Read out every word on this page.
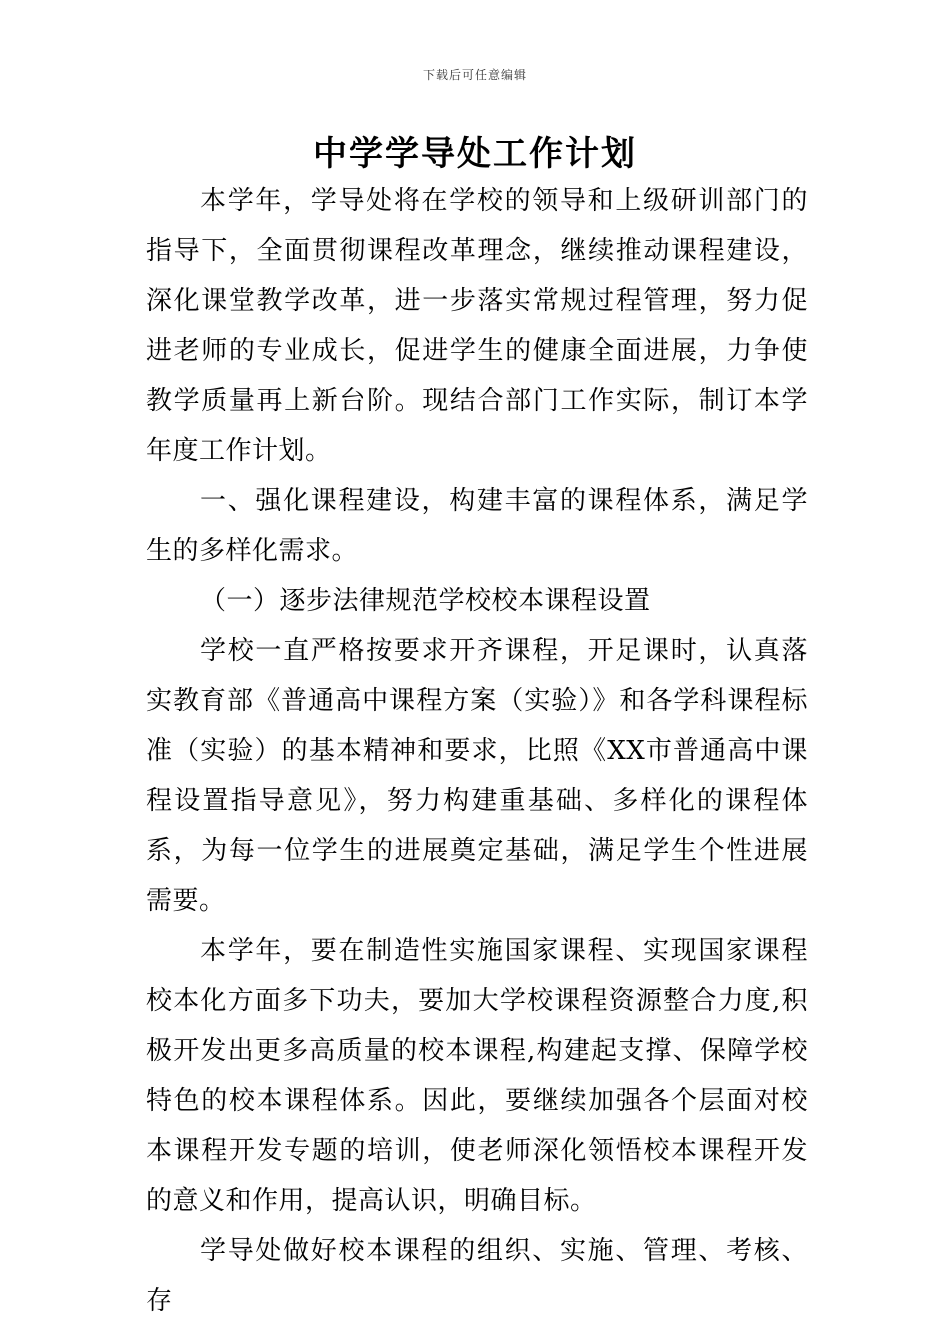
下载后可任意编辑
中学学导处工作计划

本学年，学导处将在学校的领导和上级研训部门的指导下，全面贯彻课程改革理念，继续推动课程建设，深化课堂教学改革，进一步落实常规过程管理，努力促进老师的专业成长，促进学生的健康全面进展，力争使教学质量再上新台阶。现结合部门工作实际，制订本学年度工作计划。

一、强化课程建设，构建丰富的课程体系，满足学生的多样化需求。

（一）逐步法律规范学校校本课程设置

学校一直严格按要求开齐课程，开足课时，认真落实教育部《普通高中课程方案（实验）》和各学科课程标准（实验）的基本精神和要求，比照《XX市普通高中课程设置指导意见》，努力构建重基础、多样化的课程体系，为每一位学生的进展奠定基础，满足学生个性进展需要。

本学年，要在制造性实施国家课程、实现国家课程校本化方面多下功夫，要加大学校课程资源整合力度,积极开发出更多高质量的校本课程,构建起支撑、保障学校特色的校本课程体系。因此，要继续加强各个层面对校本课程开发专题的培训，使老师深化领悟校本课程开发的意义和作用，提高认识，明确目标。

学导处做好校本课程的组织、实施、管理、考核、存
